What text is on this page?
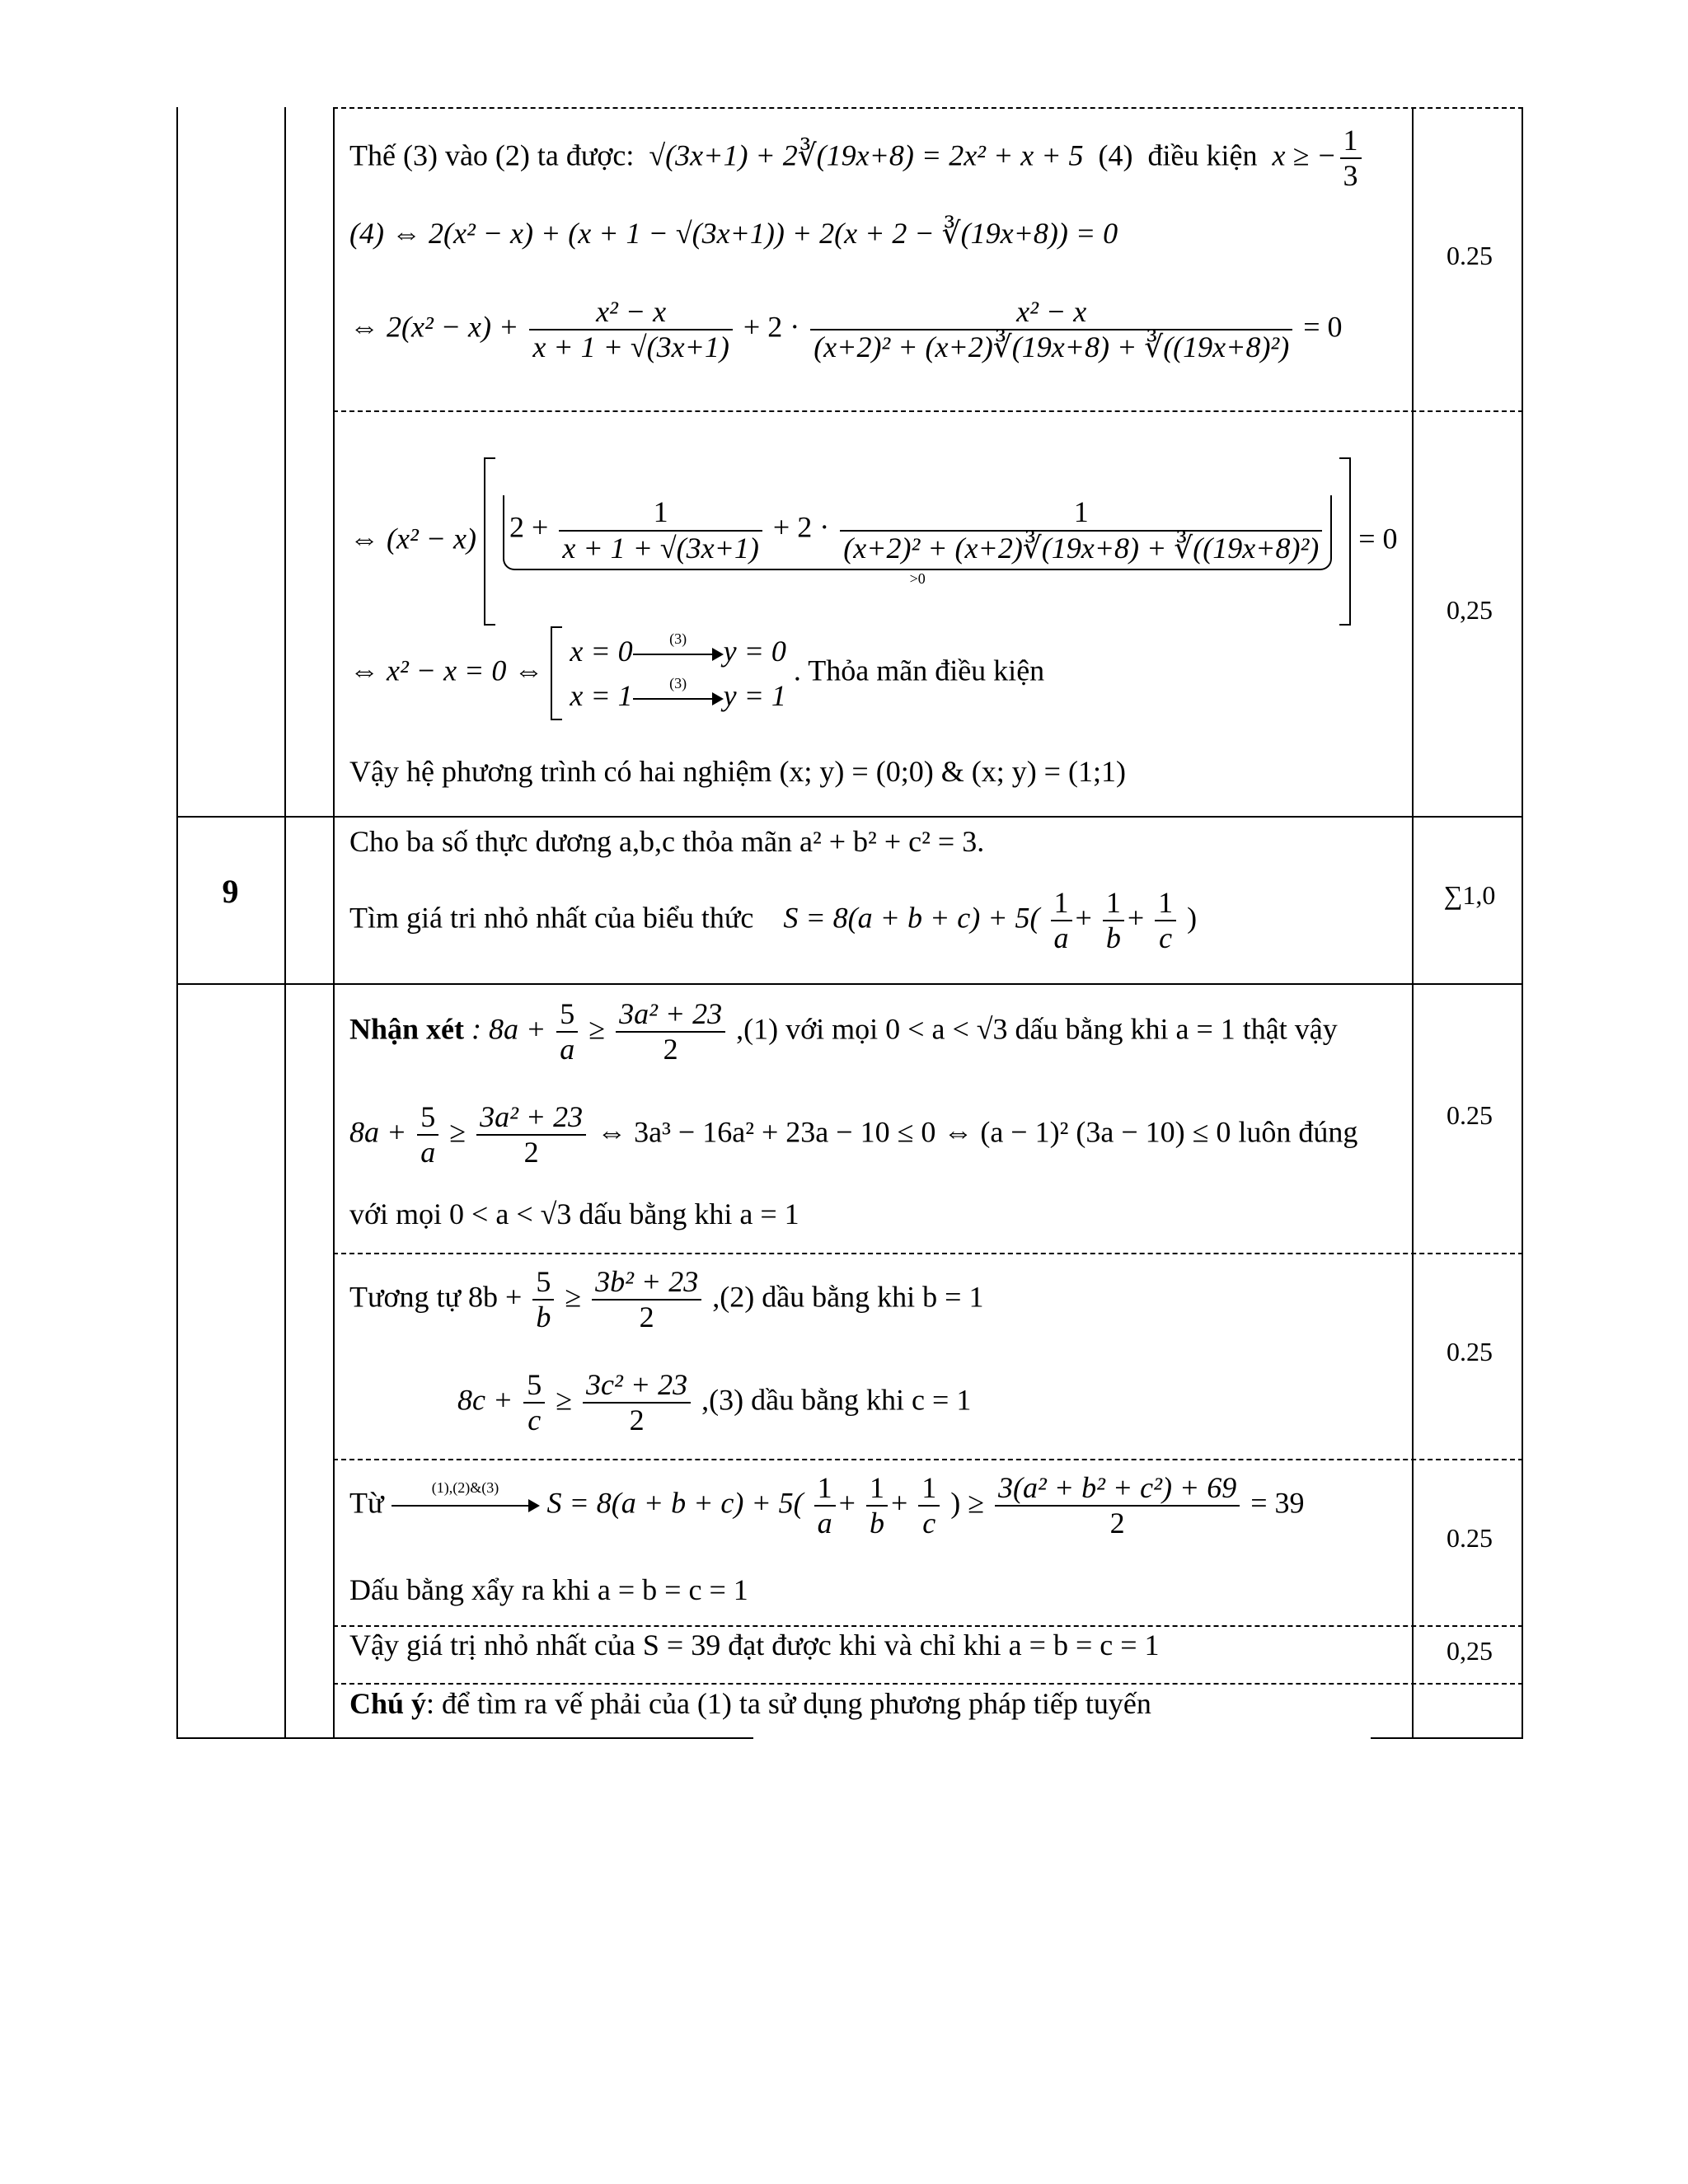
Thế (3) vào (2) ta được: √(3x+1) + 2∛(19x+8) = 2x² + x + 5 (4) điều kiện x ≥ − $\frac{1}{3}$
(4) ⇔ 2(x² − x) + (x + 1 − √(3x+1)) + 2(x + 2 − ∛(19x+8)) = 0
⇔ $2(x^2 - x) + \frac{\text{x² − x}}{x + 1 + √(3x+1)} + 2 \cdot \frac{\text{x² − x}}{\text{(x+2)² + (x+2)∛(19x+8) + ∛((19x+8)²)}} = 0$
0.25
⇔ (x² − x) $2 + \frac{1}{x + 1 + √(3x+1)} + 2 \cdot \frac{1}{\text{(x+2)² + (x+2)∛(19x+8) + ∛((19x+8)²)}}$
>0
= 0
⇔ x² − x = 0 ⇔
x = 0	(3)	y = 0
x = 1	(3)	y = 1
. Thỏa mãn điều kiện
Vậy hệ phương trình có hai nghiệm (x; y) = (0;0) & (x; y) = (1;1)
0,25
9
Cho ba số thực dương a,b,c thỏa mãn a² + b² + c² = 3.
Tìm giá tri nhỏ nhất của biểu thức $S = 8(a + b + c) + 5( \frac{1}{a} + \frac{1}{b} + \frac{1}{c}$ )
∑1,0
Nhận xét : $8a + \frac{5}{a} \ge \frac{\text{3a² + 23}}{2} ,(1)$ với mọi 0 < a < √3 dấu bằng khi a = 1 thật vậy
$8a + \frac{5}{a} \ge \frac{\text{3a² + 23}}{2}$ ⇔ 3a³ − 16a² + 23a − 10 ≤ 0 ⇔ (a − 1)² (3a − 10) ≤ 0 luôn đúng
với mọi 0 < a < √3 dấu bằng khi a = 1
0.25
Tương tự $8b + \frac{5}{b} \ge \frac{\text{3b² + 23}}{2} ,(2)$ dầu bằng khi b = 1
$8c + \frac{5}{c} \ge \frac{\text{3c² + 23}}{2} ,(3)$ dầu bằng khi c = 1
0.25
Từ	(1),(2)&(3)	$S = 8(a + b + c) + 5( \frac{1}{a} + \frac{1}{b} + \frac{1}{c}$ ) ≥ $\frac{\text{3(a² + b² + c²) + 69}}{2} = 39$
Dấu bằng xẩy ra khi a = b = c = 1
0.25
Vậy giá trị nhỏ nhất của S = 39 đạt được khi và chỉ khi a = b = c = 1	0,25
Chú ý: để tìm ra vế phải của (1) ta sử dụng phương pháp tiếp tuyến
